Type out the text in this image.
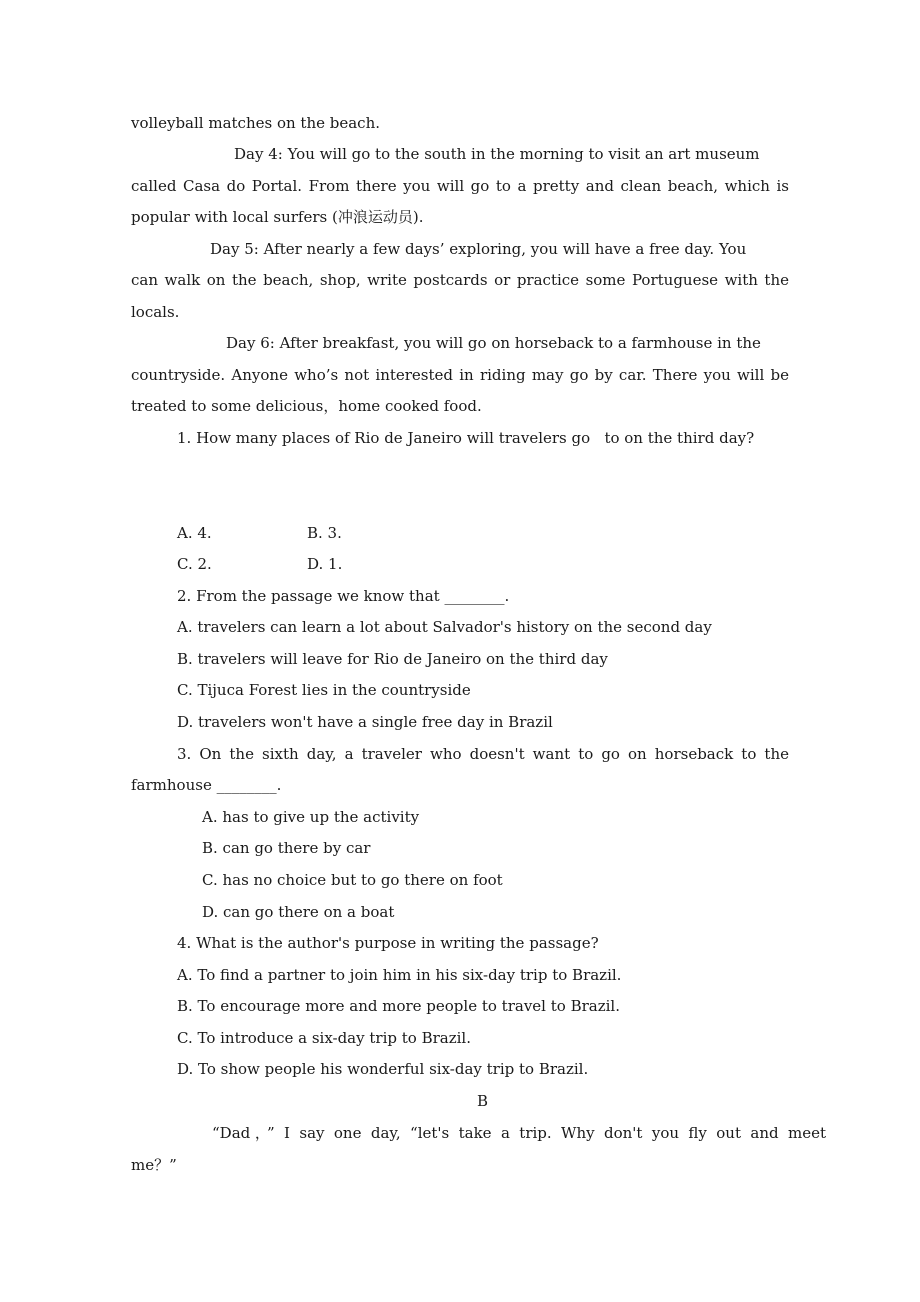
volleyball matches on the beach.
Day 4: You will go to the south in the morning to visit an art museum
called Casa do Portal. From there you will go to a pretty and clean beach, which is
popular with local surfers (冲浪运动员).
Day 5: After nearly a few days’ exploring, you will have a free day. You
can walk on the beach, shop, write postcards or practice some Portuguese with the
locals.
Day 6: After breakfast, you will go on horseback to a farmhouse in the
countryside. Anyone who’s not interested in riding may go by car. There you will be
treated to some delicious，home cooked food.
1. How many places of Rio de Janeiro will travelers go   to on the third day?
A. 4.	B. 3.
C. 2.	D. 1.
2. From the passage we know that ________.
A. travelers can learn a lot about Salvador's history on the second day
B. travelers will leave for Rio de Janeiro on the third day
C. Tijuca Forest lies in the countryside
D. travelers won't have a single free day in Brazil
3. On the sixth day, a traveler who doesn't want to go on horseback to the
farmhouse ________.
A. has to give up the activity
B. can go there by car
C. has no choice but to go there on foot
D. can go there on a boat
4. What is the author's purpose in writing the passage?
A. To find a partner to join him in his six-day trip to Brazil.
B. To encourage more and more people to travel to Brazil.
C. To introduce a six-day trip to Brazil.
D. To show people his wonderful six-day trip to Brazil.
B
“Dad，” I say one day, “let's take a trip. Why don't you fly out and meet
me？”
